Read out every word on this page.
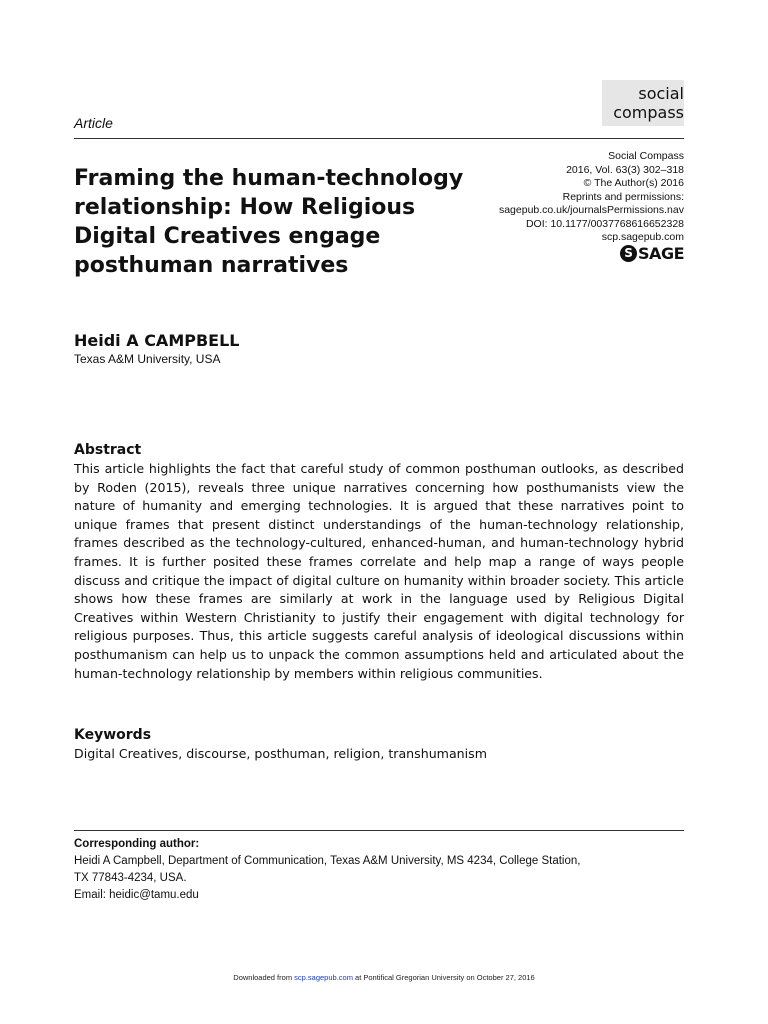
social
compass
Article
Framing the human-technology relationship: How Religious Digital Creatives engage posthuman narratives
Social Compass
2016, Vol. 63(3) 302–318
© The Author(s) 2016
Reprints and permissions:
sagepub.co.uk/journalsPermissions.nav
DOI: 10.1177/0037768616652328
scp.sagepub.com
S SAGE
Heidi A CAMPBELL
Texas A&M University, USA
Abstract

This article highlights the fact that careful study of common posthuman outlooks, as described by Roden (2015), reveals three unique narratives concerning how posthumanists view the nature of humanity and emerging technologies. It is argued that these narratives point to unique frames that present distinct understandings of the human-technology relationship, frames described as the technology-cultured, enhanced-human, and human-technology hybrid frames. It is further posited these frames correlate and help map a range of ways people discuss and critique the impact of digital culture on humanity within broader society. This article shows how these frames are similarly at work in the language used by Religious Digital Creatives within Western Christianity to justify their engagement with digital technology for religious purposes. Thus, this article suggests careful analysis of ideological discussions within posthumanism can help us to unpack the common assumptions held and articulated about the human-technology relationship by members within religious communities.

Keywords
Digital Creatives, discourse, posthuman, religion, transhumanism
Corresponding author:
Heidi A Campbell, Department of Communication, Texas A&M University, MS 4234, College Station,
TX 77843-4234, USA.
Email: heidic@tamu.edu
Downloaded from scp.sagepub.com at Pontifical Gregorian University on October 27, 2016
